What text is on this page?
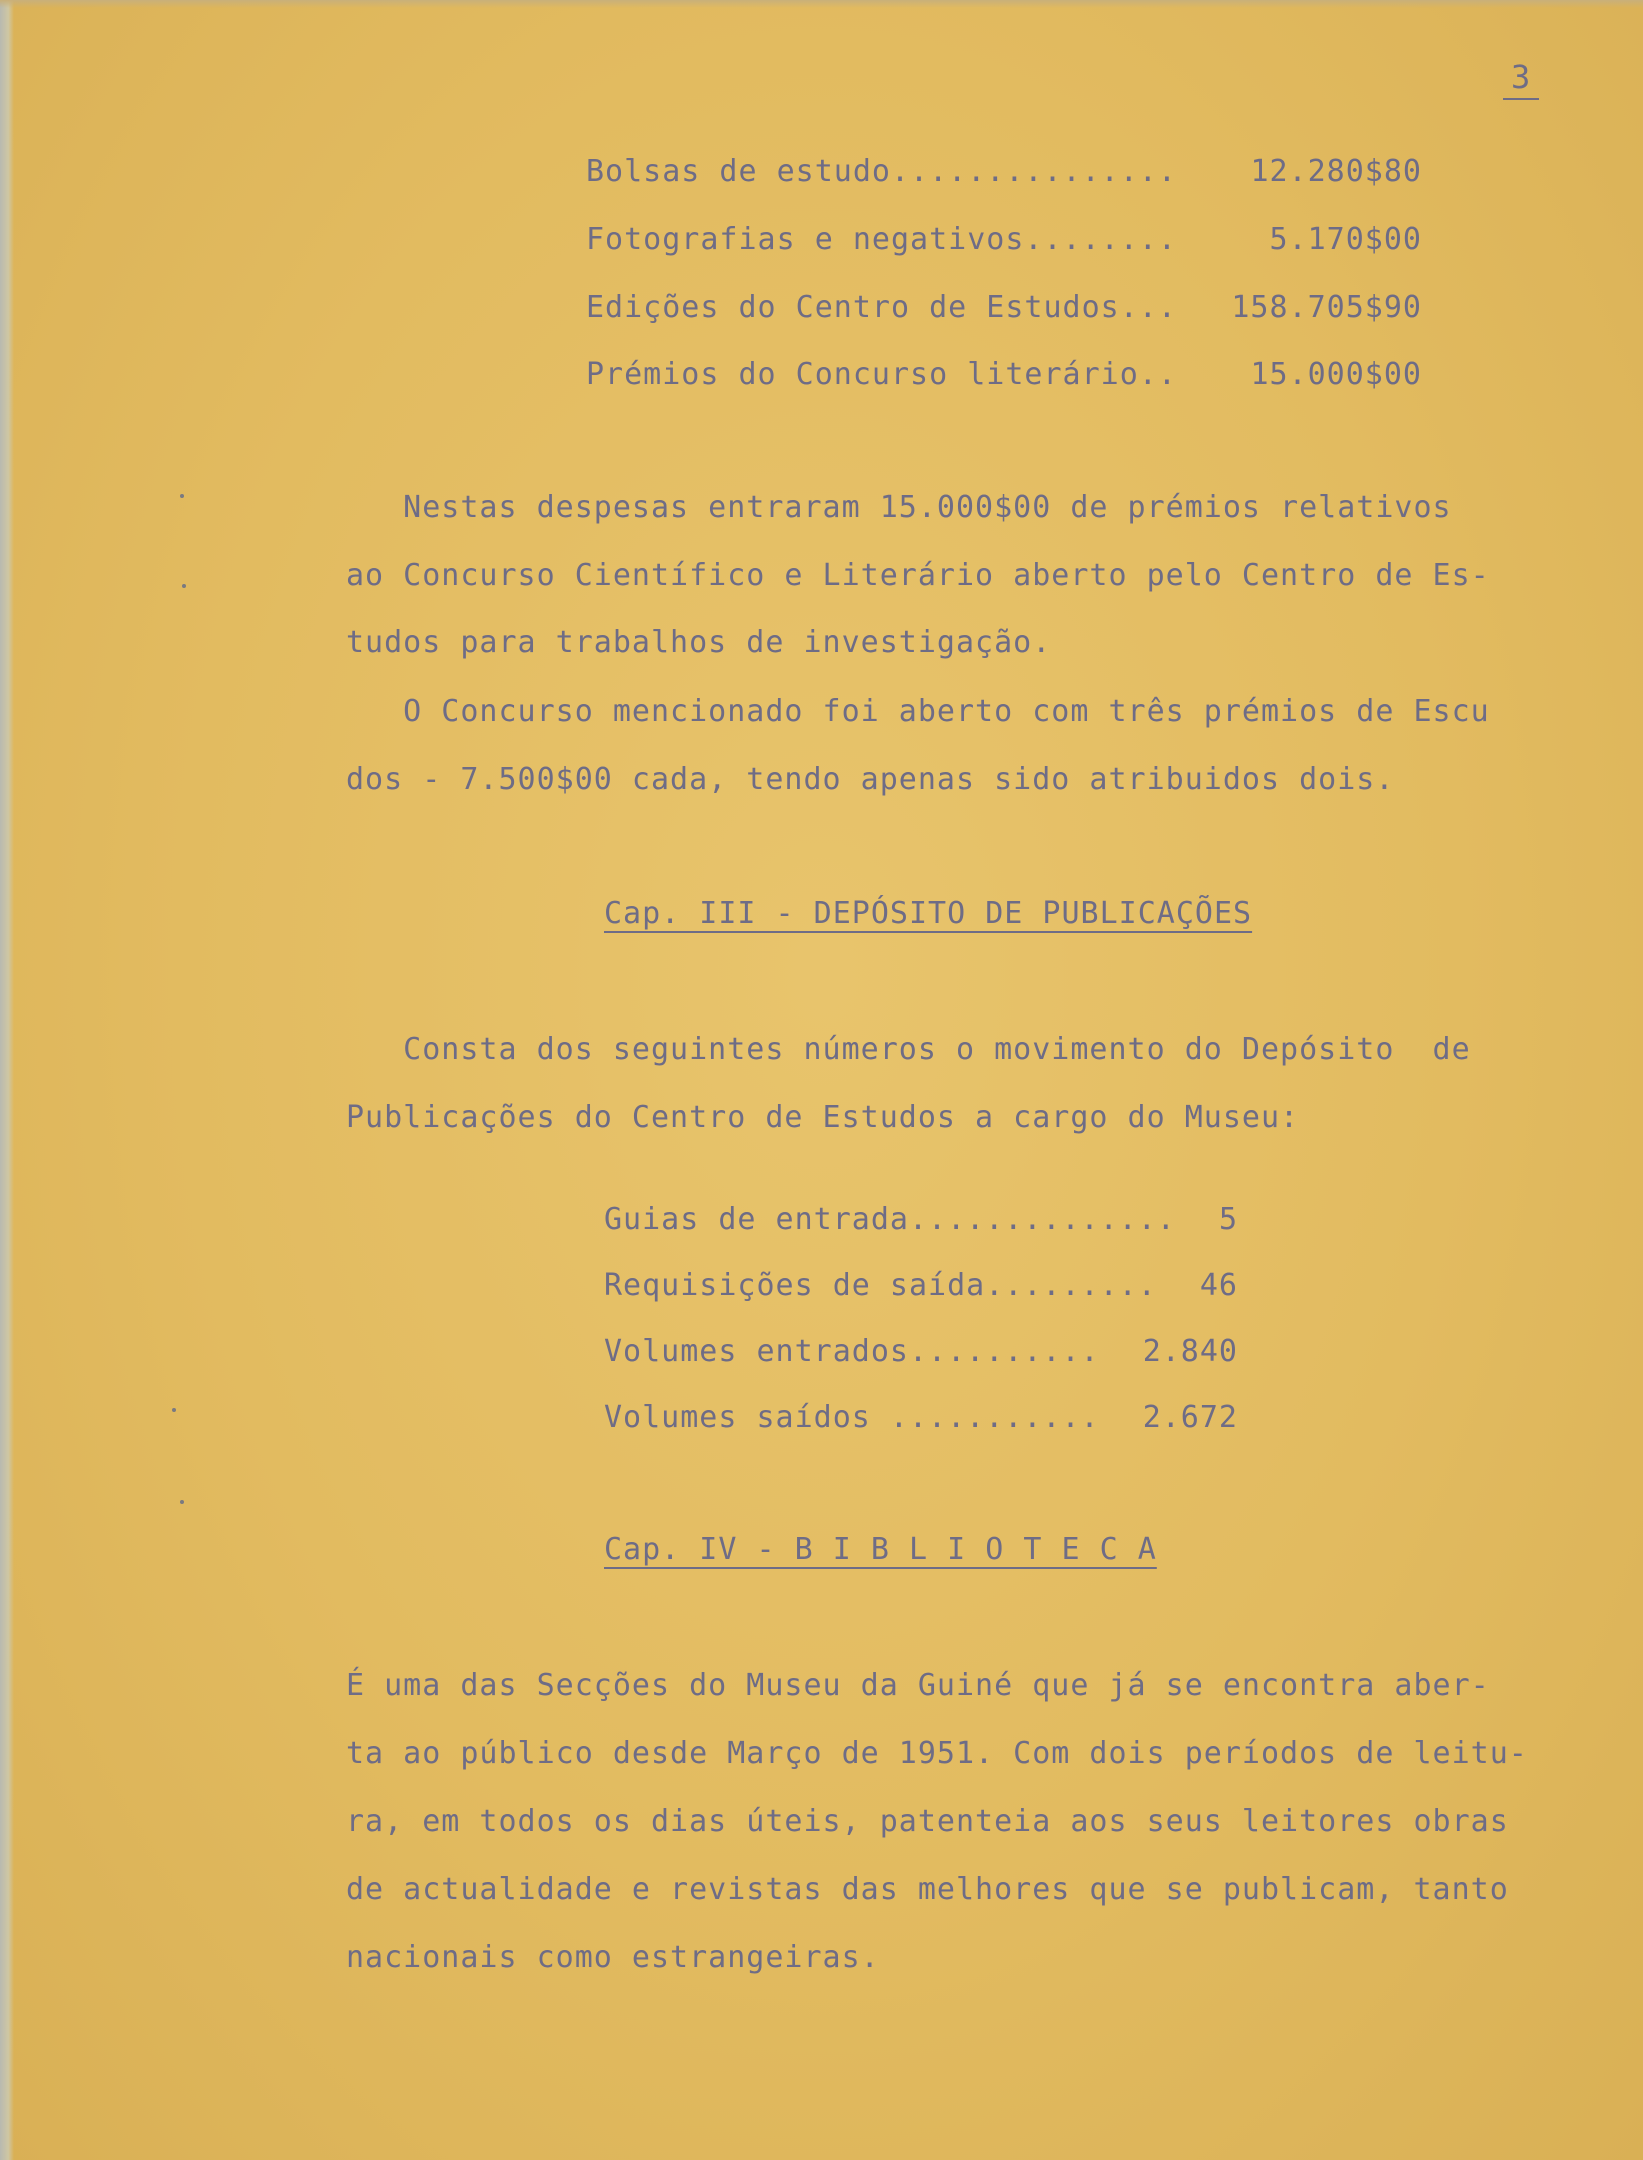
3

Bolsas de estudo...............

12.280$80

Fotografias e negativos........

	5.170$00

Edições do Centro de Estudos...

158.705$90

Prémios do Concurso literário..

15.000$00

Nestas despesas entraram 15.000$00 de prémios relativos
ao Concurso Científico e Literário aberto pelo Centro de Es-
tudos para trabalhos de investigação.
O Concurso mencionado foi aberto com três prémios de Escu
dos - 7.500$00 cada, tendo apenas sido atribuidos dois.
Cap. III - DEPÓSITO DE PUBLICAÇÕES
Consta dos seguintes números o movimento do Depósito  de
Publicações do Centro de Estudos a cargo do Museu:

Guias de entrada..............

5

Requisições de saída.........

46

Volumes entrados..........

2.840

Volumes saídos ...........

2.672

Cap. IV - B I B L I O T E C A
É uma das Secções do Museu da Guiné que já se encontra aber-
ta ao público desde Março de 1951. Com dois períodos de leitu-
ra, em todos os dias úteis, patenteia aos seus leitores obras
de actualidade e revistas das melhores que se publicam, tanto
nacionais como estrangeiras.
